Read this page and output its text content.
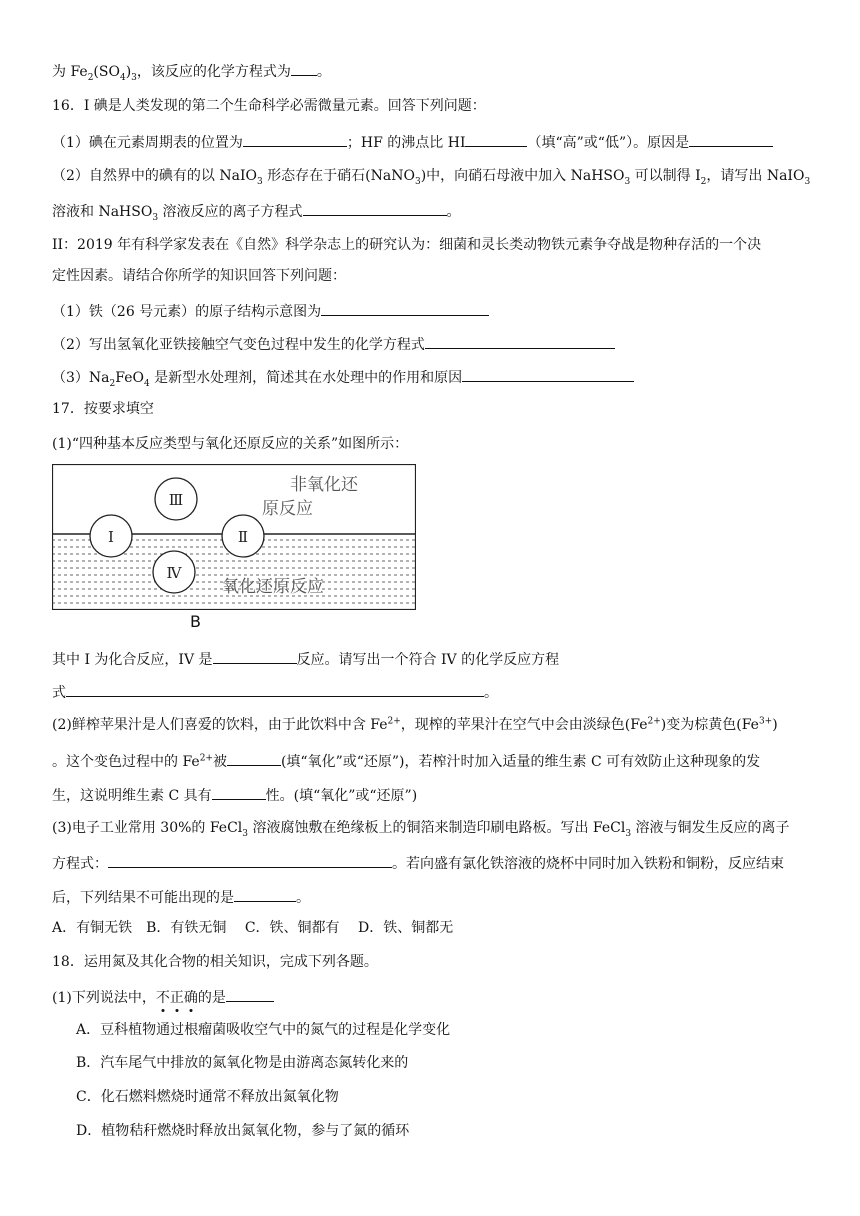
为 $Fe_2(SO_4)_3$，该反应的化学方程式为 。
16．I 碘是人类发现的第二个生命科学必需微量元素。回答下列问题：
（1）碘在元素周期表的位置为	；HF 的沸点比 HI	（填“高”或“低”）。原因是
（2）自然界中的碘有的以 NaIO$_3$ 形态存在于硝石(NaNO$_3$)中，向硝石母液中加入 NaHSO$_3$ 可以制得 $I_2$，请写出 NaIO$_3$
溶液和 NaHSO$_3$ 溶液反应的离子方程式	。
II：2019 年有科学家发表在《自然》科学杂志上的研究认为：细菌和灵长类动物铁元素争夺战是物种存活的一个决
定性因素。请结合你所学的知识回答下列问题：
（1）铁（26 号元素）的原子结构示意图为
（2）写出氢氧化亚铁接触空气变色过程中发生的化学方程式
$(3)Na_2FeO_4$ 是新型水处理剂，简述其在水处理中的作用和原因
17．按要求填空
(1)“四种基本反应类型与氧化还原反应的关系”如图所示：
非氧化还
原反应
氧化还原反应
Ⅰ	Ⅱ
Ⅲ
Ⅳ
B
其中 I 为化合反应，IV 是	反应。请写出一个符合 IV 的化学反应方程
式	。
(2)鲜榨苹果汁是人们喜爱的饮料，由于此饮料中含 $Fe^{2+}$，现榨的苹果汁在空气中会由淡绿色$(Fe^{2+})$变为棕黄色$(Fe^{3+})$
。这个变色过程中的 $Fe^{2+}$被	(填“氧化”或“还原”)，若榨汁时加入适量的维生素 C 可有效防止这种现象的发
生，这说明维生素 C 具有	性。(填“氧化”或“还原”)
(3)电子工业常用 30%的 FeCl$_3$ 溶液腐蚀敷在绝缘板上的铜箔来制造印刷电路板。写出 FeCl$_3$ 溶液与铜发生反应的离子
方程式：	。若向盛有氯化铁溶液的烧杯中同时加入铁粉和铜粉，反应结束
后，下列结果不可能出现的是	。
A．有铜无铁　B．有铁无铜　 C．铁、铜都有　 D．铁、铜都无
18．运用氮及其化合物的相关知识，完成下列各题。
(1)下列说法中，不正确的是
A．豆科植物通过根瘤菌吸收空气中的氮气的过程是化学变化
B．汽车尾气中排放的氮氧化物是由游离态氮转化来的
C．化石燃料燃烧时通常不释放出氮氧化物
D．植物秸秆燃烧时释放出氮氧化物，参与了氮的循环
